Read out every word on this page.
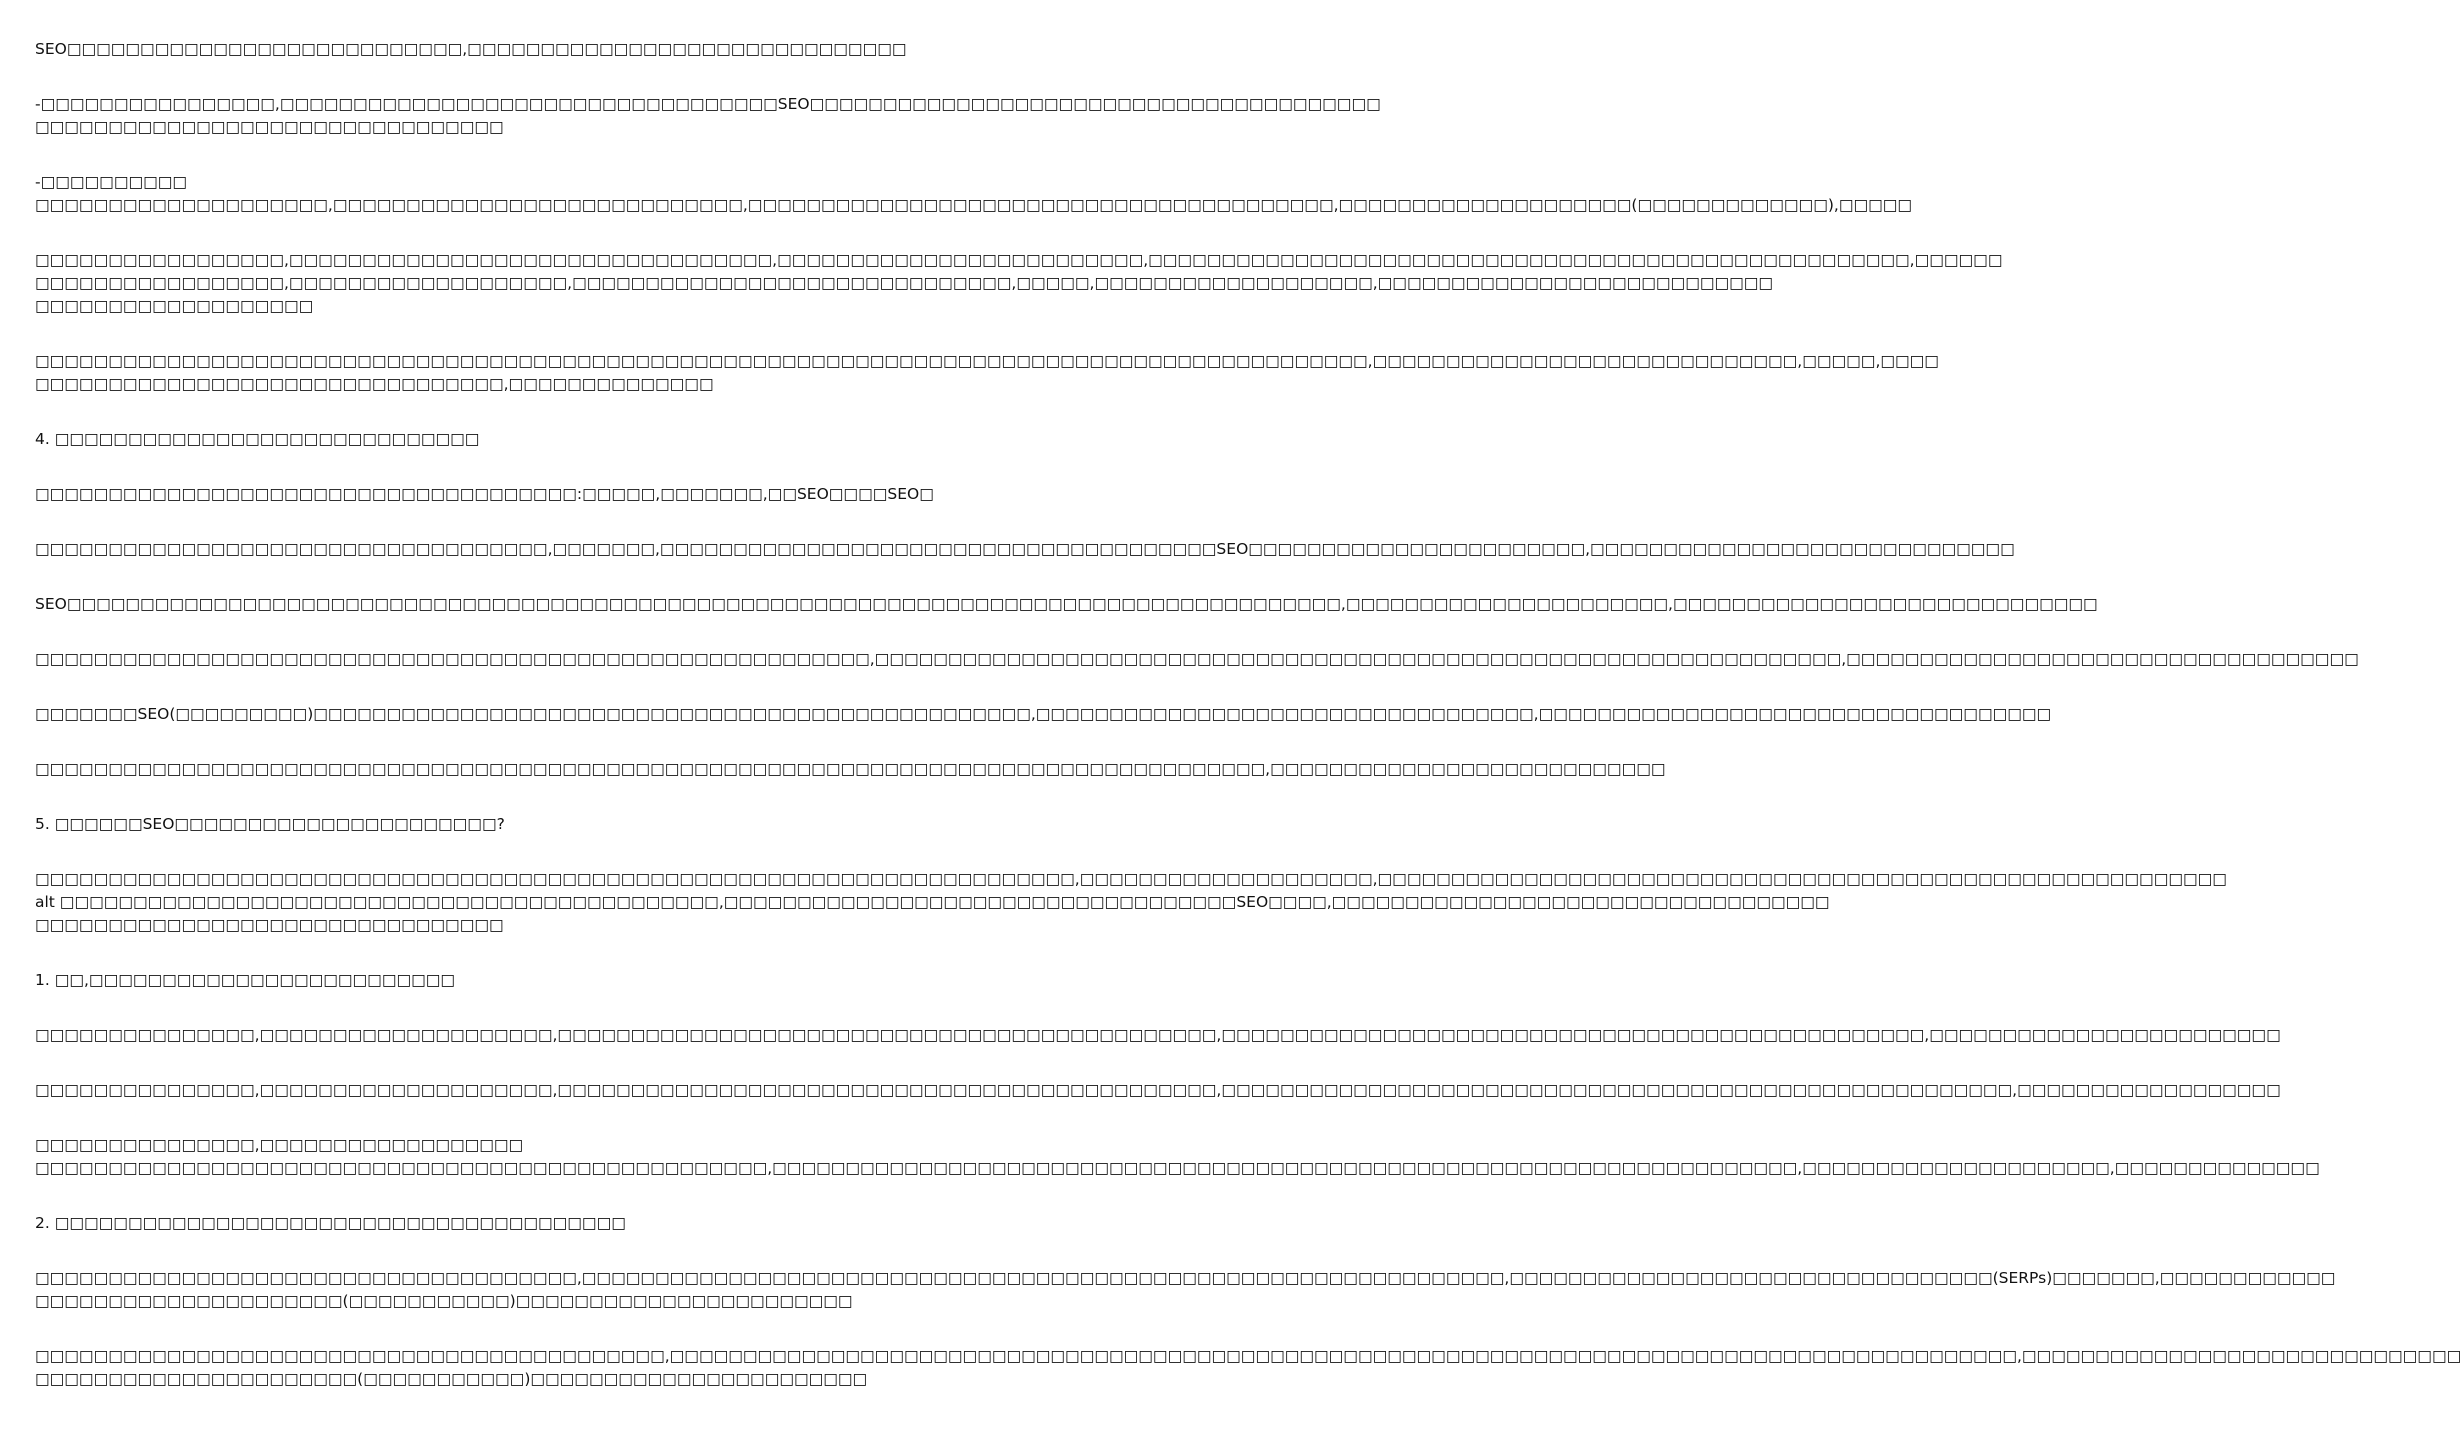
SEO□□□□□□□□□□□□□□□□□□□□□□□□□□□,□□□□□□□□□□□□□□□□□□□□□□□□□□□□□□
-□□□□□□□□□□□□□□□□,□□□□□□□□□□□□□□□□□□□□□□□□□□□□□□□□□□SEO□□□□□□□□□□□□□□□□□□□□□□□□□□□□□□□□□□□□□□□
□□□□□□□□□□□□□□□□□□□□□□□□□□□□□□□□
-□□□□□□□□□□
□□□□□□□□□□□□□□□□□□□□,□□□□□□□□□□□□□□□□□□□□□□□□□□□□,□□□□□□□□□□□□□□□□□□□□□□□□□□□□□□□□□□□□□□□□,□□□□□□□□□□□□□□□□□□□□(□□□□□□□□□□□□□),□□□□□
□□□□□□□□□□□□□□□□□,□□□□□□□□□□□□□□□□□□□□□□□□□□□□□□□□□,□□□□□□□□□□□□□□□□□□□□□□□□□,□□□□□□□□□□□□□□□□□□□□□□□□□□□□□□□□□□□□□□□□□□□□□□□□□□□□,□□□□□□
□□□□□□□□□□□□□□□□□,□□□□□□□□□□□□□□□□□□□,□□□□□□□□□□□□□□□□□□□□□□□□□□□□□□,□□□□□,□□□□□□□□□□□□□□□□□□□,□□□□□□□□□□□□□□□□□□□□□□□□□□□
□□□□□□□□□□□□□□□□□□□
□□□□□□□□□□□□□□□□□□□□□□□□□□□□□□□□□□□□□□□□□□□□□□□□□□□□□□□□□□□□□□□□□□□□□□□□□□□□□□□□□□□□□□□□□□□,□□□□□□□□□□□□□□□□□□□□□□□□□□□□□,□□□□□,□□□□
□□□□□□□□□□□□□□□□□□□□□□□□□□□□□□□□,□□□□□□□□□□□□□□
4. □□□□□□□□□□□□□□□□□□□□□□□□□□□□□
□□□□□□□□□□□□□□□□□□□□□□□□□□□□□□□□□□□□□:□□□□□,□□□□□□□,□□SEO□□□□SEO□
□□□□□□□□□□□□□□□□□□□□□□□□□□□□□□□□□□□,□□□□□□□,□□□□□□□□□□□□□□□□□□□□□□□□□□□□□□□□□□□□□□SEO□□□□□□□□□□□□□□□□□□□□□□□,□□□□□□□□□□□□□□□□□□□□□□□□□□□□□
SEO□□□□□□□□□□□□□□□□□□□□□□□□□□□□□□□□□□□□□□□□□□□□□□□□□□□□□□□□□□□□□□□□□□□□□□□□□□□□□□□□□□□□□□□,□□□□□□□□□□□□□□□□□□□□□□,□□□□□□□□□□□□□□□□□□□□□□□□□□□□□
□□□□□□□□□□□□□□□□□□□□□□□□□□□□□□□□□□□□□□□□□□□□□□□□□□□□□□□□□,□□□□□□□□□□□□□□□□□□□□□□□□□□□□□□□□□□□□□□□□□□□□□□□□□□□□□□□□□□□□□□□□□□,□□□□□□□□□□□□□□□□□□□□□□□□□□□□□□□□□□□
□□□□□□□SEO(□□□□□□□□□)□□□□□□□□□□□□□□□□□□□□□□□□□□□□□□□□□□□□□□□□□□□□□□□□□,□□□□□□□□□□□□□□□□□□□□□□□□□□□□□□□□□□,□□□□□□□□□□□□□□□□□□□□□□□□□□□□□□□□□□□
□□□□□□□□□□□□□□□□□□□□□□□□□□□□□□□□□□□□□□□□□□□□□□□□□□□□□□□□□□□□□□□□□□□□□□□□□□□□□□□□□□□□,□□□□□□□□□□□□□□□□□□□□□□□□□□□
5. □□□□□□SEO□□□□□□□□□□□□□□□□□□□□□□?
□□□□□□□□□□□□□□□□□□□□□□□□□□□□□□□□□□□□□□□□□□□□□□□□□□□□□□□□□□□□□□□□□□□□□□□,□□□□□□□□□□□□□□□□□□□□,□□□□□□□□□□□□□□□□□□□□□□□□□□□□□□□□□□□□□□□□□□□□□□□□□□□□□□□□□□
alt □□□□□□□□□□□□□□□□□□□□□□□□□□□□□□□□□□□□□□□□□□□□□,□□□□□□□□□□□□□□□□□□□□□□□□□□□□□□□□□□□SEO□□□□,□□□□□□□□□□□□□□□□□□□□□□□□□□□□□□□□□□
□□□□□□□□□□□□□□□□□□□□□□□□□□□□□□□□
1. □□,□□□□□□□□□□□□□□□□□□□□□□□□□
□□□□□□□□□□□□□□□,□□□□□□□□□□□□□□□□□□□□,□□□□□□□□□□□□□□□□□□□□□□□□□□□□□□□□□□□□□□□□□□□□□,□□□□□□□□□□□□□□□□□□□□□□□□□□□□□□□□□□□□□□□□□□□□□□□□,□□□□□□□□□□□□□□□□□□□□□□□□
□□□□□□□□□□□□□□□,□□□□□□□□□□□□□□□□□□□□,□□□□□□□□□□□□□□□□□□□□□□□□□□□□□□□□□□□□□□□□□□□□□,□□□□□□□□□□□□□□□□□□□□□□□□□□□□□□□□□□□□□□□□□□□□□□□□□□□□□□,□□□□□□□□□□□□□□□□□□
□□□□□□□□□□□□□□□,□□□□□□□□□□□□□□□□□□
□□□□□□□□□□□□□□□□□□□□□□□□□□□□□□□□□□□□□□□□□□□□□□□□□□,□□□□□□□□□□□□□□□□□□□□□□□□□□□□□□□□□□□□□□□□□□□□□□□□□□□□□□□□□□□□□□□□□□□□□□,□□□□□□□□□□□□□□□□□□□□□,□□□□□□□□□□□□□□
2. □□□□□□□□□□□□□□□□□□□□□□□□□□□□□□□□□□□□□□□
□□□□□□□□□□□□□□□□□□□□□□□□□□□□□□□□□□□□□,□□□□□□□□□□□□□□□□□□□□□□□□□□□□□□□□□□□□□□□□□□□□□□□□□□□□□□□□□□□□□□□,□□□□□□□□□□□□□□□□□□□□□□□□□□□□□□□□□(SERPs)□□□□□□□,□□□□□□□□□□□□
□□□□□□□□□□□□□□□□□□□□□(□□□□□□□□□□□)□□□□□□□□□□□□□□□□□□□□□□□
□□□□□□□□□□□□□□□□□□□□□□□□□□□□□□□□□□□□□□□□□□□,□□□□□□□□□□□□□□□□□□□□□□□□□□□□□□□□□□□□□□□□□□□□□□□□□□□□□□□□□□□□□□□□□□□□□□□□□□□□□□□□□□□□□□□□□□□□,□□□□□□□□□□□□□□□□□□□□□□□□□□□□□□
□□□□□□□□□□□□□□□□□□□□□□(□□□□□□□□□□□)□□□□□□□□□□□□□□□□□□□□□□□
